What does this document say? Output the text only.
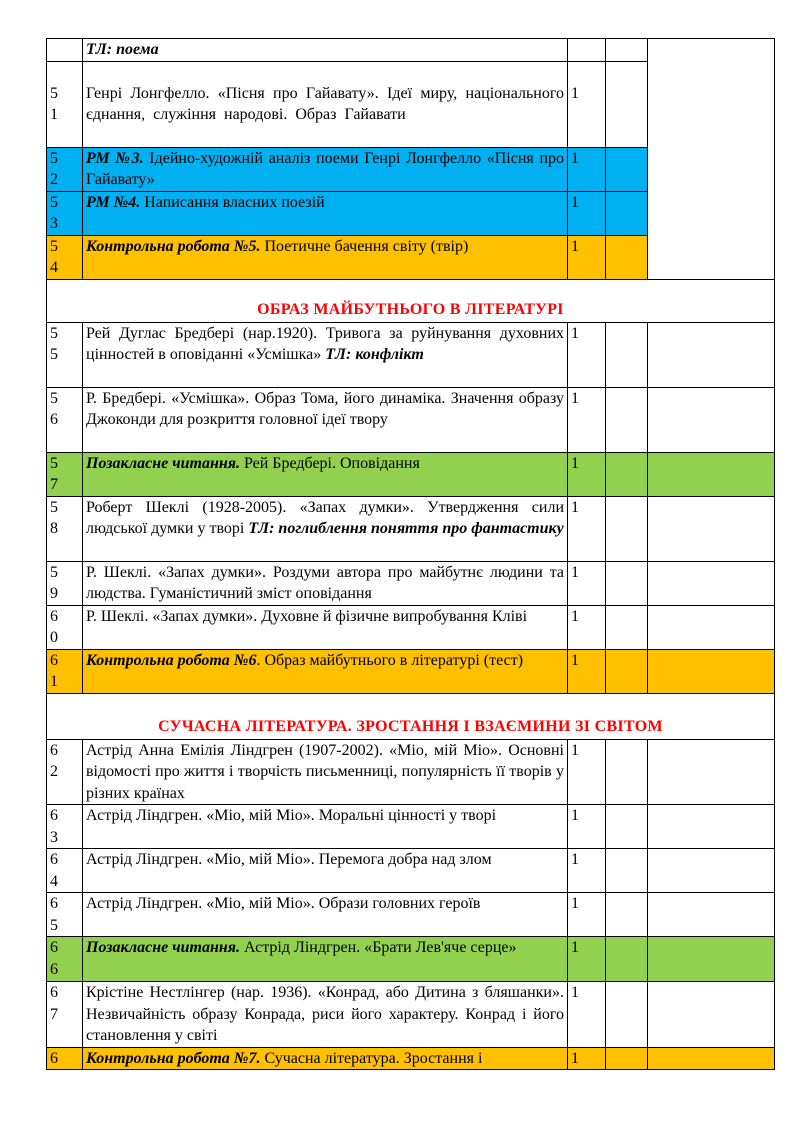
	ТЛ: поема				

5
1	Генрі Лонгфелло. «Пісня про Гайавату». Ідеї миру, національного єднання, служіння народові. Образ Гайавати	1			

5
2	РМ №3. Ідейно-художній аналіз поеми Генрі Лонгфелло «Пісня про Гайавату»	1			

5
3	РМ №4. Написання власних поезій	1			

5
4	Контрольна робота №5. Поетичне бачення світу (твір)	1			
ОБРАЗ МАЙБУТНЬОГО В ЛІТЕРАТУРІ					

5
5	Рей Дуглас Бредбері (нар.1920). Тривога за руйнування духовних цінностей в оповіданні «Усмішка» ТЛ: конфлікт	1			

5
6	Р. Бредбері. «Усмішка». Образ Тома, його динаміка. Значення образу Джоконди для розкриття головної ідеї твору	1			

5
7	Позакласне читання. Рей Бредбері. Оповідання	1			

5
8	Роберт Шеклі (1928-2005). «Запах думки». Утвердження сили людської думки у творі ТЛ: поглиблення поняття про фантастику	1			

5
9	Р. Шеклі. «Запах думки». Роздуми автора про майбутнє людини та людства. Гуманістичний зміст оповідання	1			

6
0	Р. Шеклі. «Запах думки». Духовне й фізичне випробування Кліві	1			

6
1	Контрольна робота №6. Образ майбутнього в літературі (тест)	1			
СУЧАСНА ЛІТЕРАТУРА. ЗРОСТАННЯ І ВЗАЄМИНИ ЗІ СВІТОМ					

6
2	Астрід Анна Емілія Ліндгрен (1907-2002). «Міо, мій Міо». Основні відомості про життя і творчість письменниці, популярність її творів у різних країнах	1			

6
3	Астрід Ліндгрен. «Міо, мій Міо». Моральні цінності у творі	1			

6
4	Астрід Ліндгрен. «Міо, мій Міо». Перемога добра над злом	1			

6
5	Астрід Ліндгрен. «Міо, мій Міо». Образи головних героїв	1			

6
6	Позакласне читання. Астрід Ліндгрен. «Брати Лев'яче серце»	1			

6
7	Крістіне Нестлінгер (нар. 1936). «Конрад, або Дитина з бляшанки». Незвичайність образу Конрада, риси його характеру. Конрад і його становлення у світі	1			

6	Контрольна робота №7. Сучасна література. Зростання і	1			
